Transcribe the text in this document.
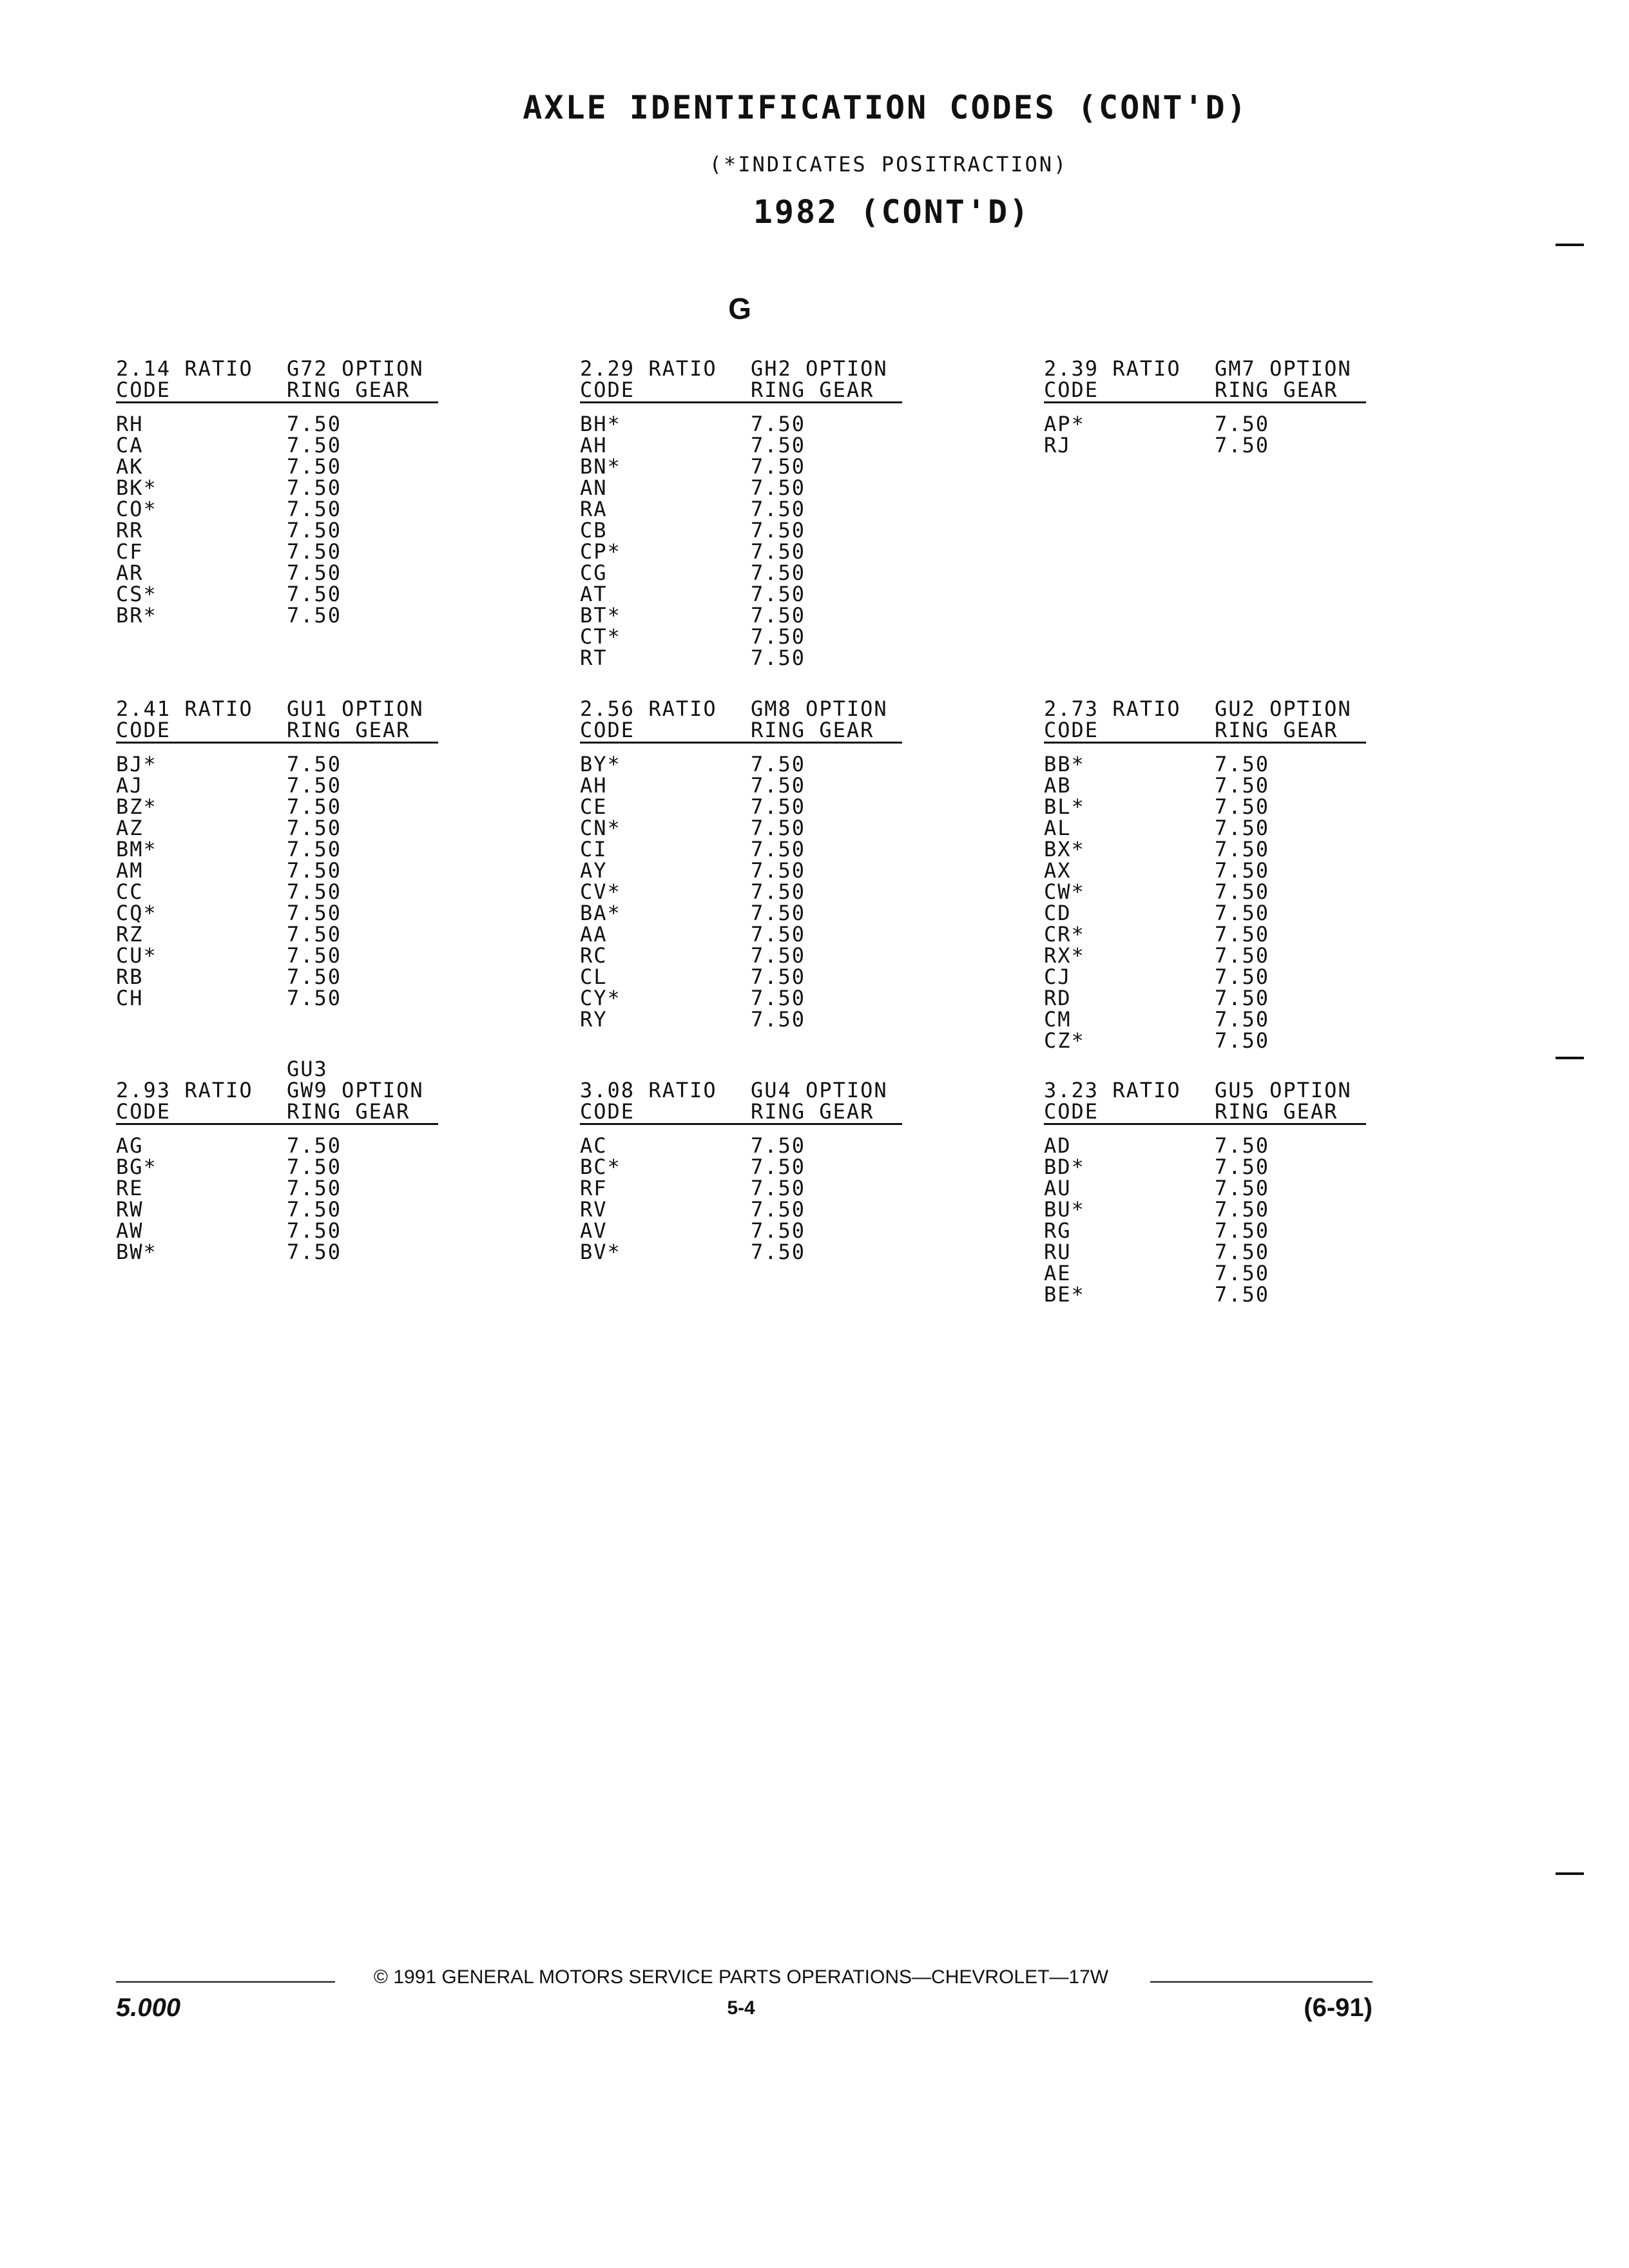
AXLE IDENTIFICATION CODES (CONT'D)
(*INDICATES POSITRACTION)
1982 (CONT'D)
G
2.14 RATIO G72 OPTION
CODE	RING GEAR
RH	7.50
CA	7.50
AK	7.50
BK*	7.50
CO*	7.50
RR	7.50
CF	7.50
AR	7.50
CS*	7.50
BR*	7.50
2.29 RATIO GH2 OPTION
CODE	RING GEAR
BH*	7.50
AH	7.50
BN*	7.50
AN	7.50
RA	7.50
CB	7.50
CP*	7.50
CG	7.50
AT	7.50
BT*	7.50
CT*	7.50
RT	7.50
2.39 RATIO GM7 OPTION
CODE	RING GEAR
AP*	7.50
RJ	7.50
2.41 RATIO GU1 OPTION
CODE	RING GEAR
BJ*	7.50
AJ	7.50
BZ*	7.50
AZ	7.50
BM*	7.50
AM	7.50
CC	7.50
CQ*	7.50
RZ	7.50
CU*	7.50
RB	7.50
CH	7.50
2.56 RATIO GM8 OPTION
CODE	RING GEAR
BY*	7.50
AH	7.50
CE	7.50
CN*	7.50
CI	7.50
AY	7.50
CV*	7.50
BA*	7.50
AA	7.50
RC	7.50
CL	7.50
CY*	7.50
RY	7.50
2.73 RATIO GU2 OPTION
CODE	RING GEAR
BB*	7.50
AB	7.50
BL*	7.50
AL	7.50
BX*	7.50
AX	7.50
CW*	7.50
CD	7.50
CR*	7.50
RX*	7.50
CJ	7.50
RD	7.50
CM	7.50
CZ*	7.50
GU3
2.93 RATIO GW9 OPTION
CODE	RING GEAR
AG	7.50
BG*	7.50
RE	7.50
RW	7.50
AW	7.50
BW*	7.50
3.08 RATIO GU4 OPTION
CODE	RING GEAR
AC	7.50
BC*	7.50
RF	7.50
RV	7.50
AV	7.50
BV*	7.50
3.23 RATIO GU5 OPTION
CODE	RING GEAR
AD	7.50
BD*	7.50
AU	7.50
BU*	7.50
RG	7.50
RU	7.50
AE	7.50
BE*	7.50
© 1991 GENERAL MOTORS SERVICE PARTS OPERATIONS—CHEVROLET—17W
5.000	5-4	(6-91)
